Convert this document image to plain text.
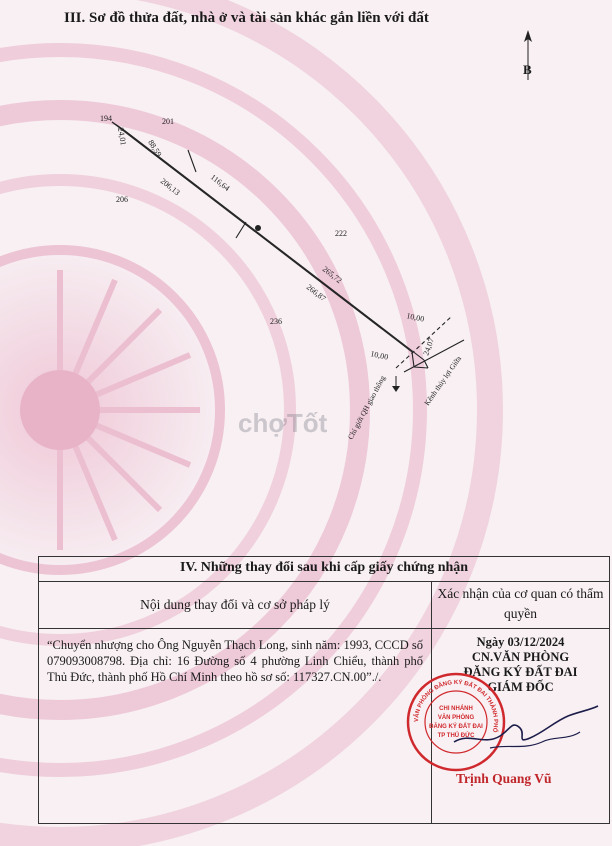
III. Sơ đồ thửa đất, nhà ở và tài sản khác gắn liền với đất
B
194	201
206
222
236
24,01
88,59
116,64
206,13
265,72
266,87
10,00
10,00	24,07
Chỉ giới QH giao thông	Kênh thủy lợi Giữa
chợTốt
IV. Những thay đổi sau khi cấp giấy chứng nhận	
Nội dung thay đổi và cơ sở pháp lý	Xác nhận của cơ quan có thẩm quyền
“Chuyển nhượng cho Ông Nguyễn Thạch Long, sinh năm: 1993, CCCD số 079093008798. Địa chỉ: 16 Đường số 4 phường Linh Chiểu, thành phố Thủ Đức, thành phố Hồ Chí Minh theo hồ sơ số: 117327.CN.00”./.	Ngày 03/12/2024
CN.VĂN PHÒNG
ĐĂNG KÝ ĐẤT ĐAI
GIÁM ĐỐC
Trịnh Quang Vũ
VĂN PHÒNG ĐĂNG KÝ ĐẤT ĐAI THÀNH PHỐ
CHI NHÁNH
VĂN PHÒNG
ĐĂNG KÝ ĐẤT ĐAI
TP THỦ ĐỨC
